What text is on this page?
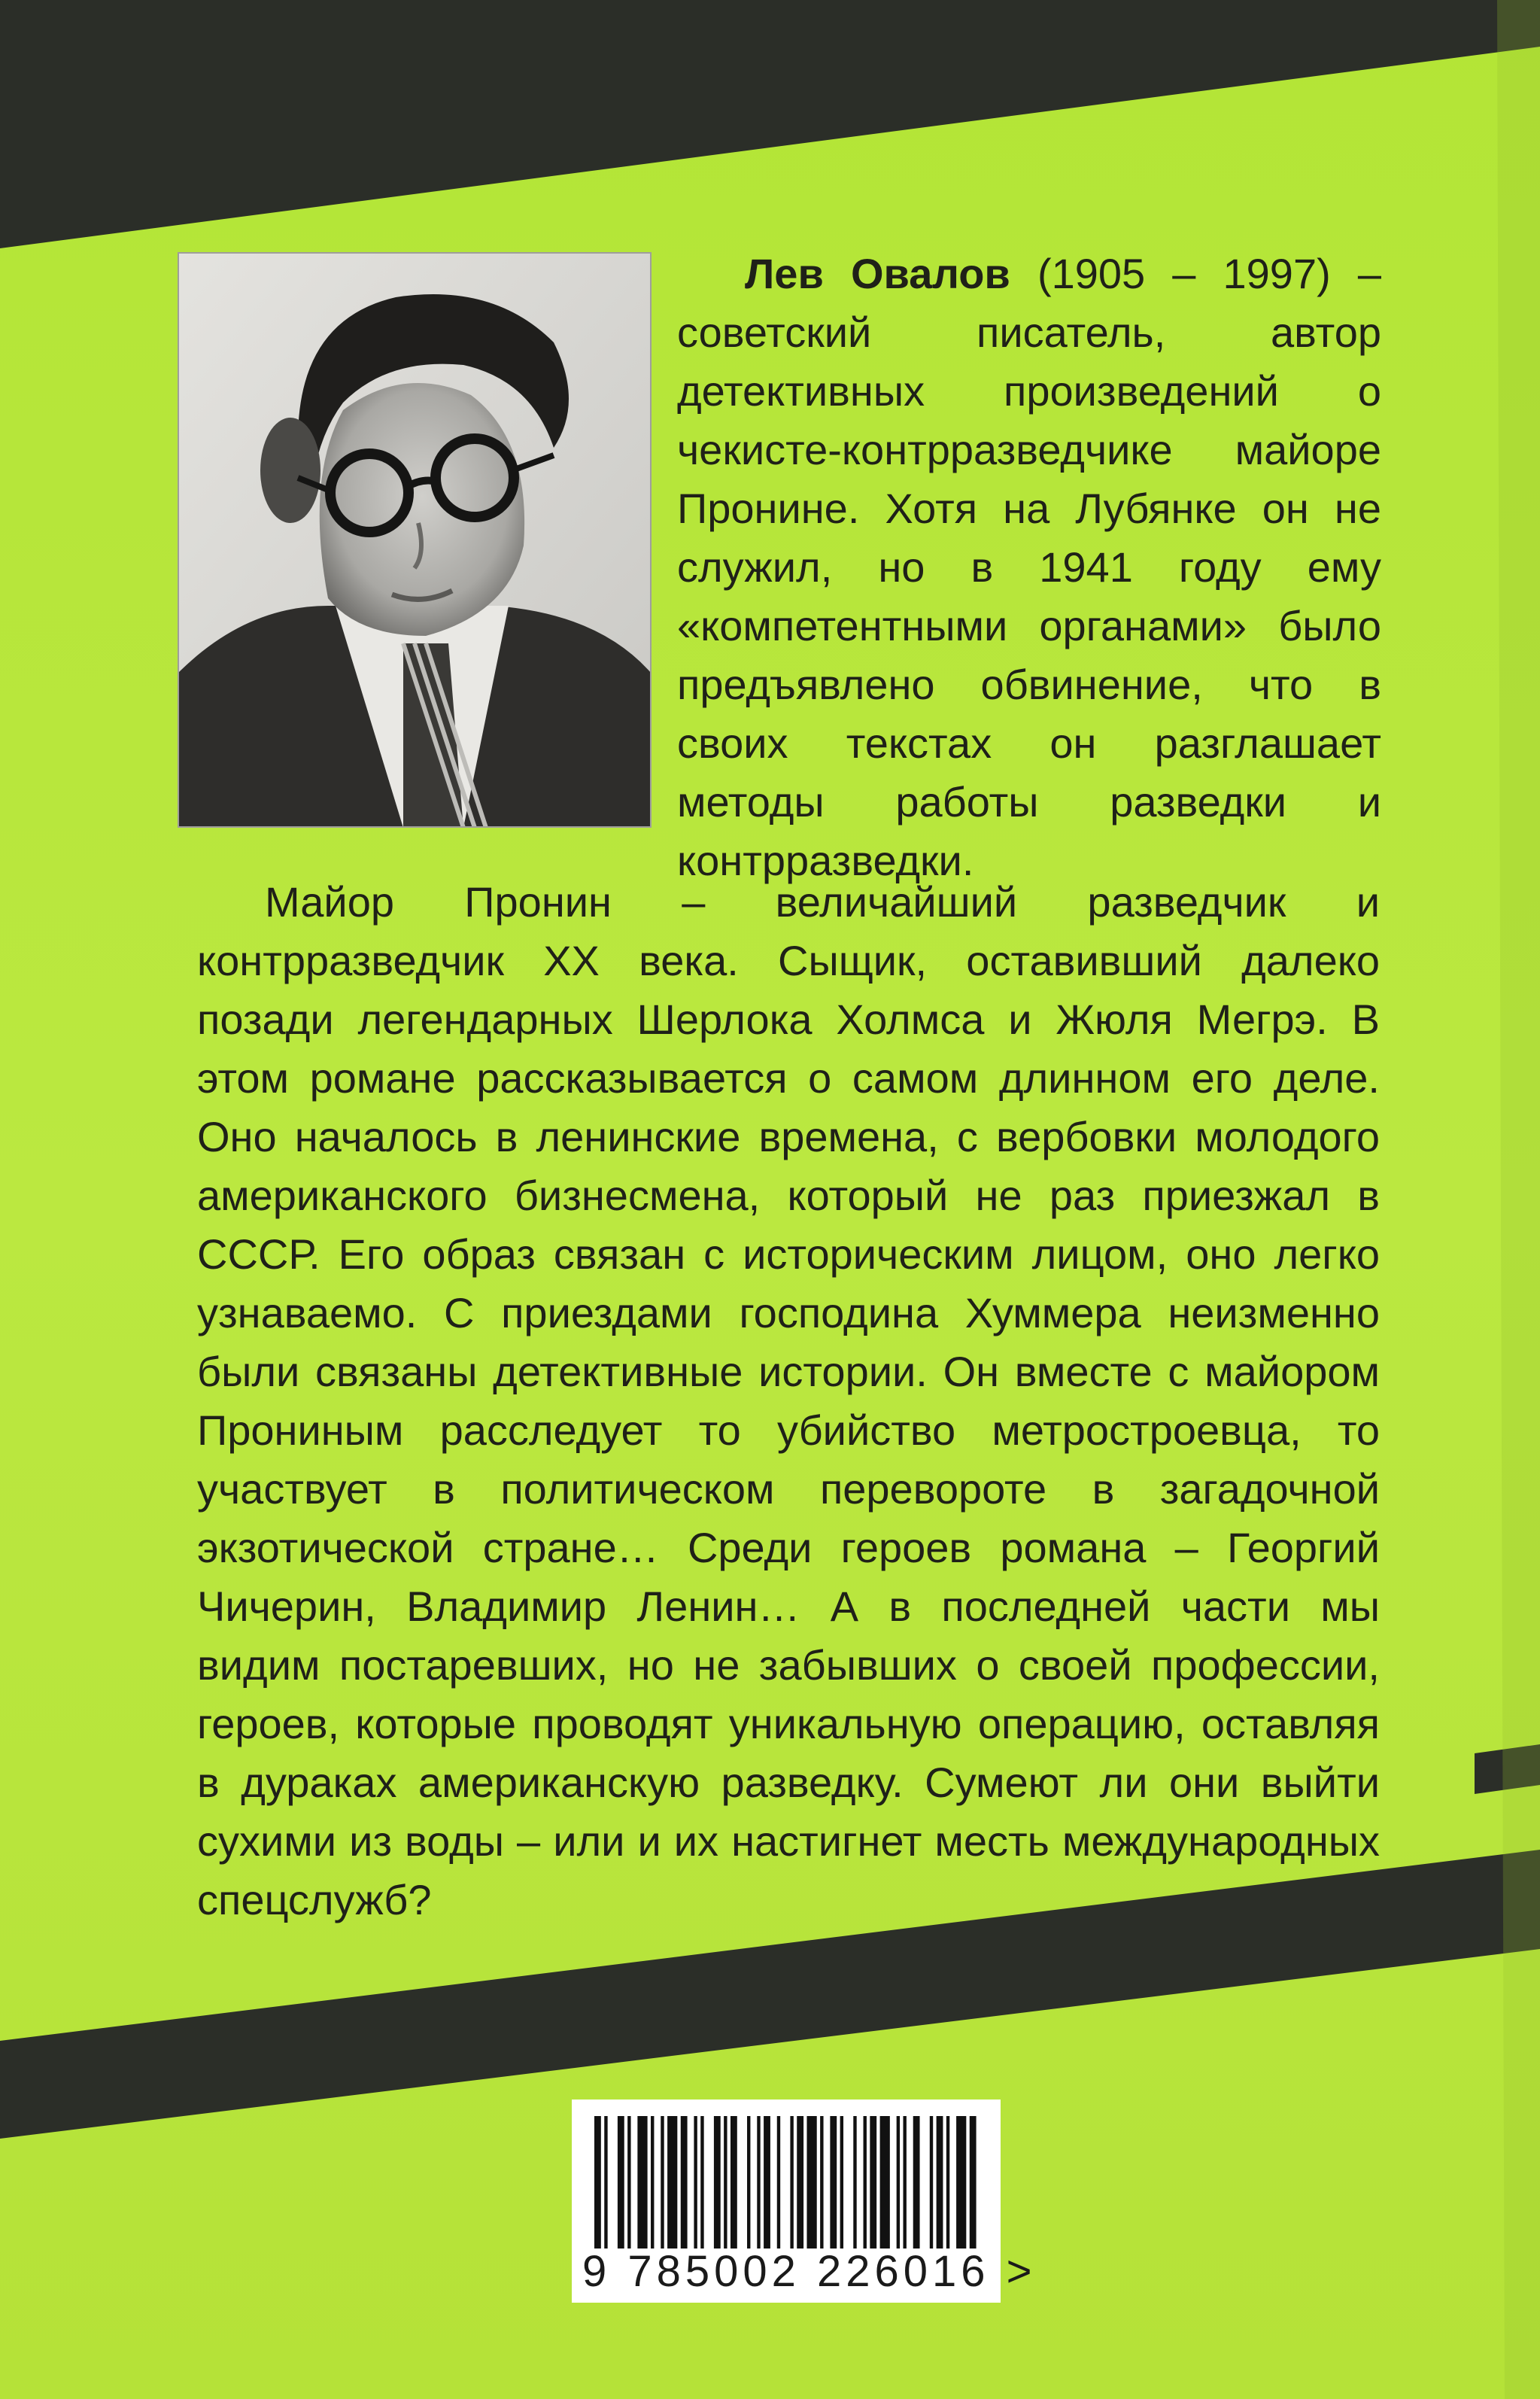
Лев Овалов (1905 – 1997) – советский писатель, автор детективных произведений о чекисте-контрразведчике майоре Пронине. Хотя на Лубянке он не служил, но в 1941 году ему «компетентными органами» было предъявлено обвинение, что в своих текстах он разглашает методы работы разведки и контрразведки.

Майор Пронин – величайший разведчик и контрразведчик XX века. Сыщик, оставивший далеко позади легендарных Шерлока Холмса и Жюля Мегрэ. В этом романе рассказывается о самом длинном его деле. Оно началось в ленинские времена, с вербовки молодого американского бизнесмена, который не раз приезжал в СССР. Его образ связан с историческим лицом, оно легко узнаваемо. С приездами господина Хуммера неизменно были связаны детективные истории. Он вместе с майором Прониным расследует то убийство метростроевца, то участвует в политическом перевороте в загадочной экзотической стране… Среди героев романа – Георгий Чичерин, Владимир Ленин… А в последней части мы видим постаревших, но не забывших о своей профессии, героев, которые проводят уникальную операцию, оставляя в дураках американскую разведку. Сумеют ли они выйти сухими из воды – или и их настигнет месть международных спецслужб?

9 785002 226016 >
